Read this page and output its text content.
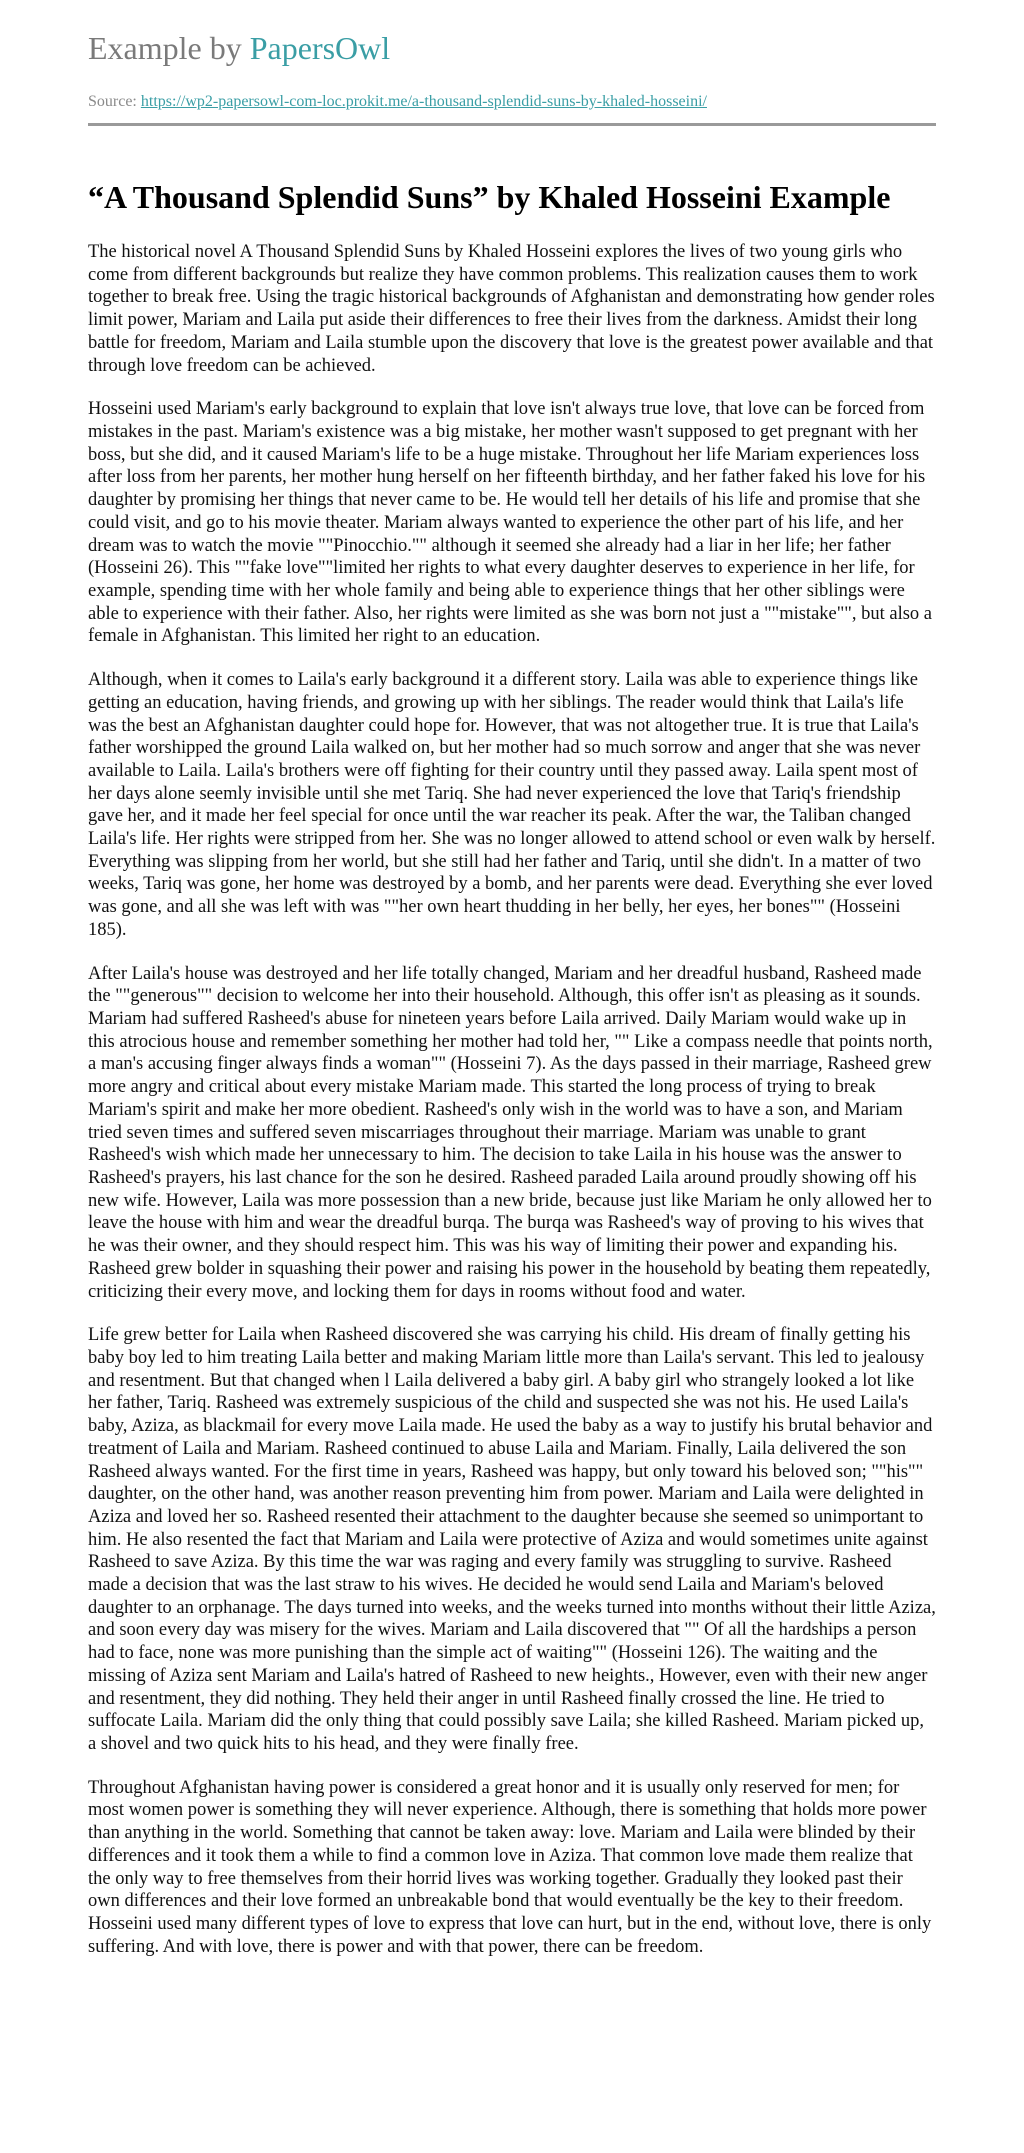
Example by PapersOwl
Source: https://wp2-papersowl-com-loc.prokit.me/a-thousand-splendid-suns-by-khaled-hosseini/
“A Thousand Splendid Suns” by Khaled Hosseini Example

The historical novel A Thousand Splendid Suns by Khaled Hosseini explores the lives of two young girls who come from different backgrounds but realize they have common problems. This realization causes them to work together to break free. Using the tragic historical backgrounds of Afghanistan and demonstrating how gender roles limit power, Mariam and Laila put aside their differences to free their lives from the darkness. Amidst their long battle for freedom, Mariam and Laila stumble upon the discovery that love is the greatest power available and that through love freedom can be achieved.

Hosseini used Mariam's early background to explain that love isn't always true love, that love can be forced from mistakes in the past. Mariam's existence was a big mistake, her mother wasn't supposed to get pregnant with her boss, but she did, and it caused Mariam's life to be a huge mistake. Throughout her life Mariam experiences loss after loss from her parents, her mother hung herself on her fifteenth birthday, and her father faked his love for his daughter by promising her things that never came to be. He would tell her details of his life and promise that she could visit, and go to his movie theater. Mariam always wanted to experience the other part of his life, and her dream was to watch the movie ""Pinocchio."" although it seemed she already had a liar in her life; her father (Hosseini 26). This ""fake love""limited her rights to what every daughter deserves to experience in her life, for example, spending time with her whole family and being able to experience things that her other siblings were able to experience with their father. Also, her rights were limited as she was born not just a ""mistake"", but also a female in Afghanistan. This limited her right to an education.

Although, when it comes to Laila's early background it a different story. Laila was able to experience things like getting an education, having friends, and growing up with her siblings. The reader would think that Laila's life was the best an Afghanistan daughter could hope for. However, that was not altogether true. It is true that Laila's father worshipped the ground Laila walked on, but her mother had so much sorrow and anger that she was never available to Laila. Laila's brothers were off fighting for their country until they passed away. Laila spent most of her days alone seemly invisible until she met Tariq. She had never experienced the love that Tariq's friendship gave her, and it made her feel special for once until the war reacher its peak. After the war, the Taliban changed Laila's life. Her rights were stripped from her. She was no longer allowed to attend school or even walk by herself. Everything was slipping from her world, but she still had her father and Tariq, until she didn't. In a matter of two weeks, Tariq was gone, her home was destroyed by a bomb, and her parents were dead. Everything she ever loved was gone, and all she was left with was ""her own heart thudding in her belly, her eyes, her bones"" (Hosseini 185).

After Laila's house was destroyed and her life totally changed, Mariam and her dreadful husband, Rasheed made the ""generous"" decision to welcome her into their household. Although, this offer isn't as pleasing as it sounds. Mariam had suffered Rasheed's abuse for nineteen years before Laila arrived. Daily Mariam would wake up in this atrocious house and remember something her mother had told her, "" Like a compass needle that points north, a man's accusing finger always finds a woman"" (Hosseini 7). As the days passed in their marriage, Rasheed grew more angry and critical about every mistake Mariam made. This started the long process of trying to break Mariam's spirit and make her more obedient. Rasheed's only wish in the world was to have a son, and Mariam tried seven times and suffered seven miscarriages throughout their marriage. Mariam was unable to grant Rasheed's wish which made her unnecessary to him. The decision to take Laila in his house was the answer to Rasheed's prayers, his last chance for the son he desired. Rasheed paraded Laila around proudly showing off his new wife. However, Laila was more possession than a new bride, because just like Mariam he only allowed her to leave the house with him and wear the dreadful burqa. The burqa was Rasheed's way of proving to his wives that he was their owner, and they should respect him. This was his way of limiting their power and expanding his. Rasheed grew bolder in squashing their power and raising his power in the household by beating them repeatedly, criticizing their every move, and locking them for days in rooms without food and water.

Life grew better for Laila when Rasheed discovered she was carrying his child. His dream of finally getting his baby boy led to him treating Laila better and making Mariam little more than Laila's servant. This led to jealousy and resentment. But that changed when l Laila delivered a baby girl. A baby girl who strangely looked a lot like her father, Tariq. Rasheed was extremely suspicious of the child and suspected she was not his. He used Laila's baby, Aziza, as blackmail for every move Laila made. He used the baby as a way to justify his brutal behavior and treatment of Laila and Mariam. Rasheed continued to abuse Laila and Mariam. Finally, Laila delivered the son Rasheed always wanted. For the first time in years, Rasheed was happy, but only toward his beloved son; ""his"" daughter, on the other hand, was another reason preventing him from power. Mariam and Laila were delighted in Aziza and loved her so. Rasheed resented their attachment to the daughter because she seemed so unimportant to him. He also resented the fact that Mariam and Laila were protective of Aziza and would sometimes unite against Rasheed to save Aziza. By this time the war was raging and every family was struggling to survive. Rasheed made a decision that was the last straw to his wives. He decided he would send Laila and Mariam's beloved daughter to an orphanage. The days turned into weeks, and the weeks turned into months without their little Aziza, and soon every day was misery for the wives. Mariam and Laila discovered that "" Of all the hardships a person had to face, none was more punishing than the simple act of waiting"" (Hosseini 126). The waiting and the missing of Aziza sent Mariam and Laila's hatred of Rasheed to new heights., However, even with their new anger and resentment, they did nothing. They held their anger in until Rasheed finally crossed the line. He tried to suffocate Laila. Mariam did the only thing that could possibly save Laila; she killed Rasheed. Mariam picked up, a shovel and two quick hits to his head, and they were finally free.

Throughout Afghanistan having power is considered a great honor and it is usually only reserved for men; for most women power is something they will never experience. Although, there is something that holds more power than anything in the world. Something that cannot be taken away: love. Mariam and Laila were blinded by their differences and it took them a while to find a common love in Aziza. That common love made them realize that the only way to free themselves from their horrid lives was working together. Gradually they looked past their own differences and their love formed an unbreakable bond that would eventually be the key to their freedom. Hosseini used many different types of love to express that love can hurt, but in the end, without love, there is only suffering. And with love, there is power and with that power, there can be freedom.
